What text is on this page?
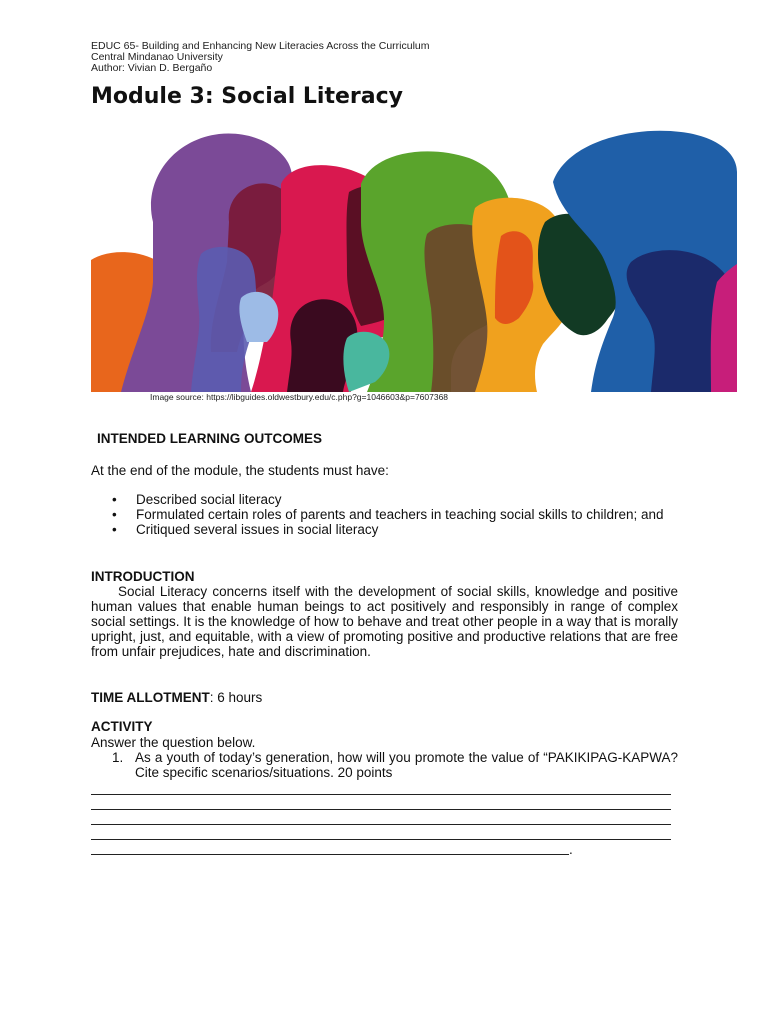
EDUC 65- Building and Enhancing New Literacies Across the Curriculum
Central Mindanao University
Author: Vivian D. Bergaño
Module 3: Social Literacy
Image source: https://libguides.oldwestbury.edu/c.php?g=1046603&p=7607368
INTENDED LEARNING OUTCOMES
At the end of the module, the students must have:
• Described social literacy
• Formulated certain roles of parents and teachers in teaching social skills to children; and
• Critiqued several issues in social literacy
INTRODUCTION
Social Literacy concerns itself with the development of social skills, knowledge and positive human values that enable human beings to act positively and responsibly in range of complex social settings. It is the knowledge of how to behave and treat other people in a way that is morally upright, just, and equitable, with a view of promoting positive and productive relations that are free from unfair prejudices, hate and discrimination.
TIME ALLOTMENT: 6 hours
ACTIVITY
Answer the question below.
1. As a youth of today’s generation, how will you promote the value of “PAKIKIPAG-KAPWA? Cite specific scenarios/situations. 20 points
.
